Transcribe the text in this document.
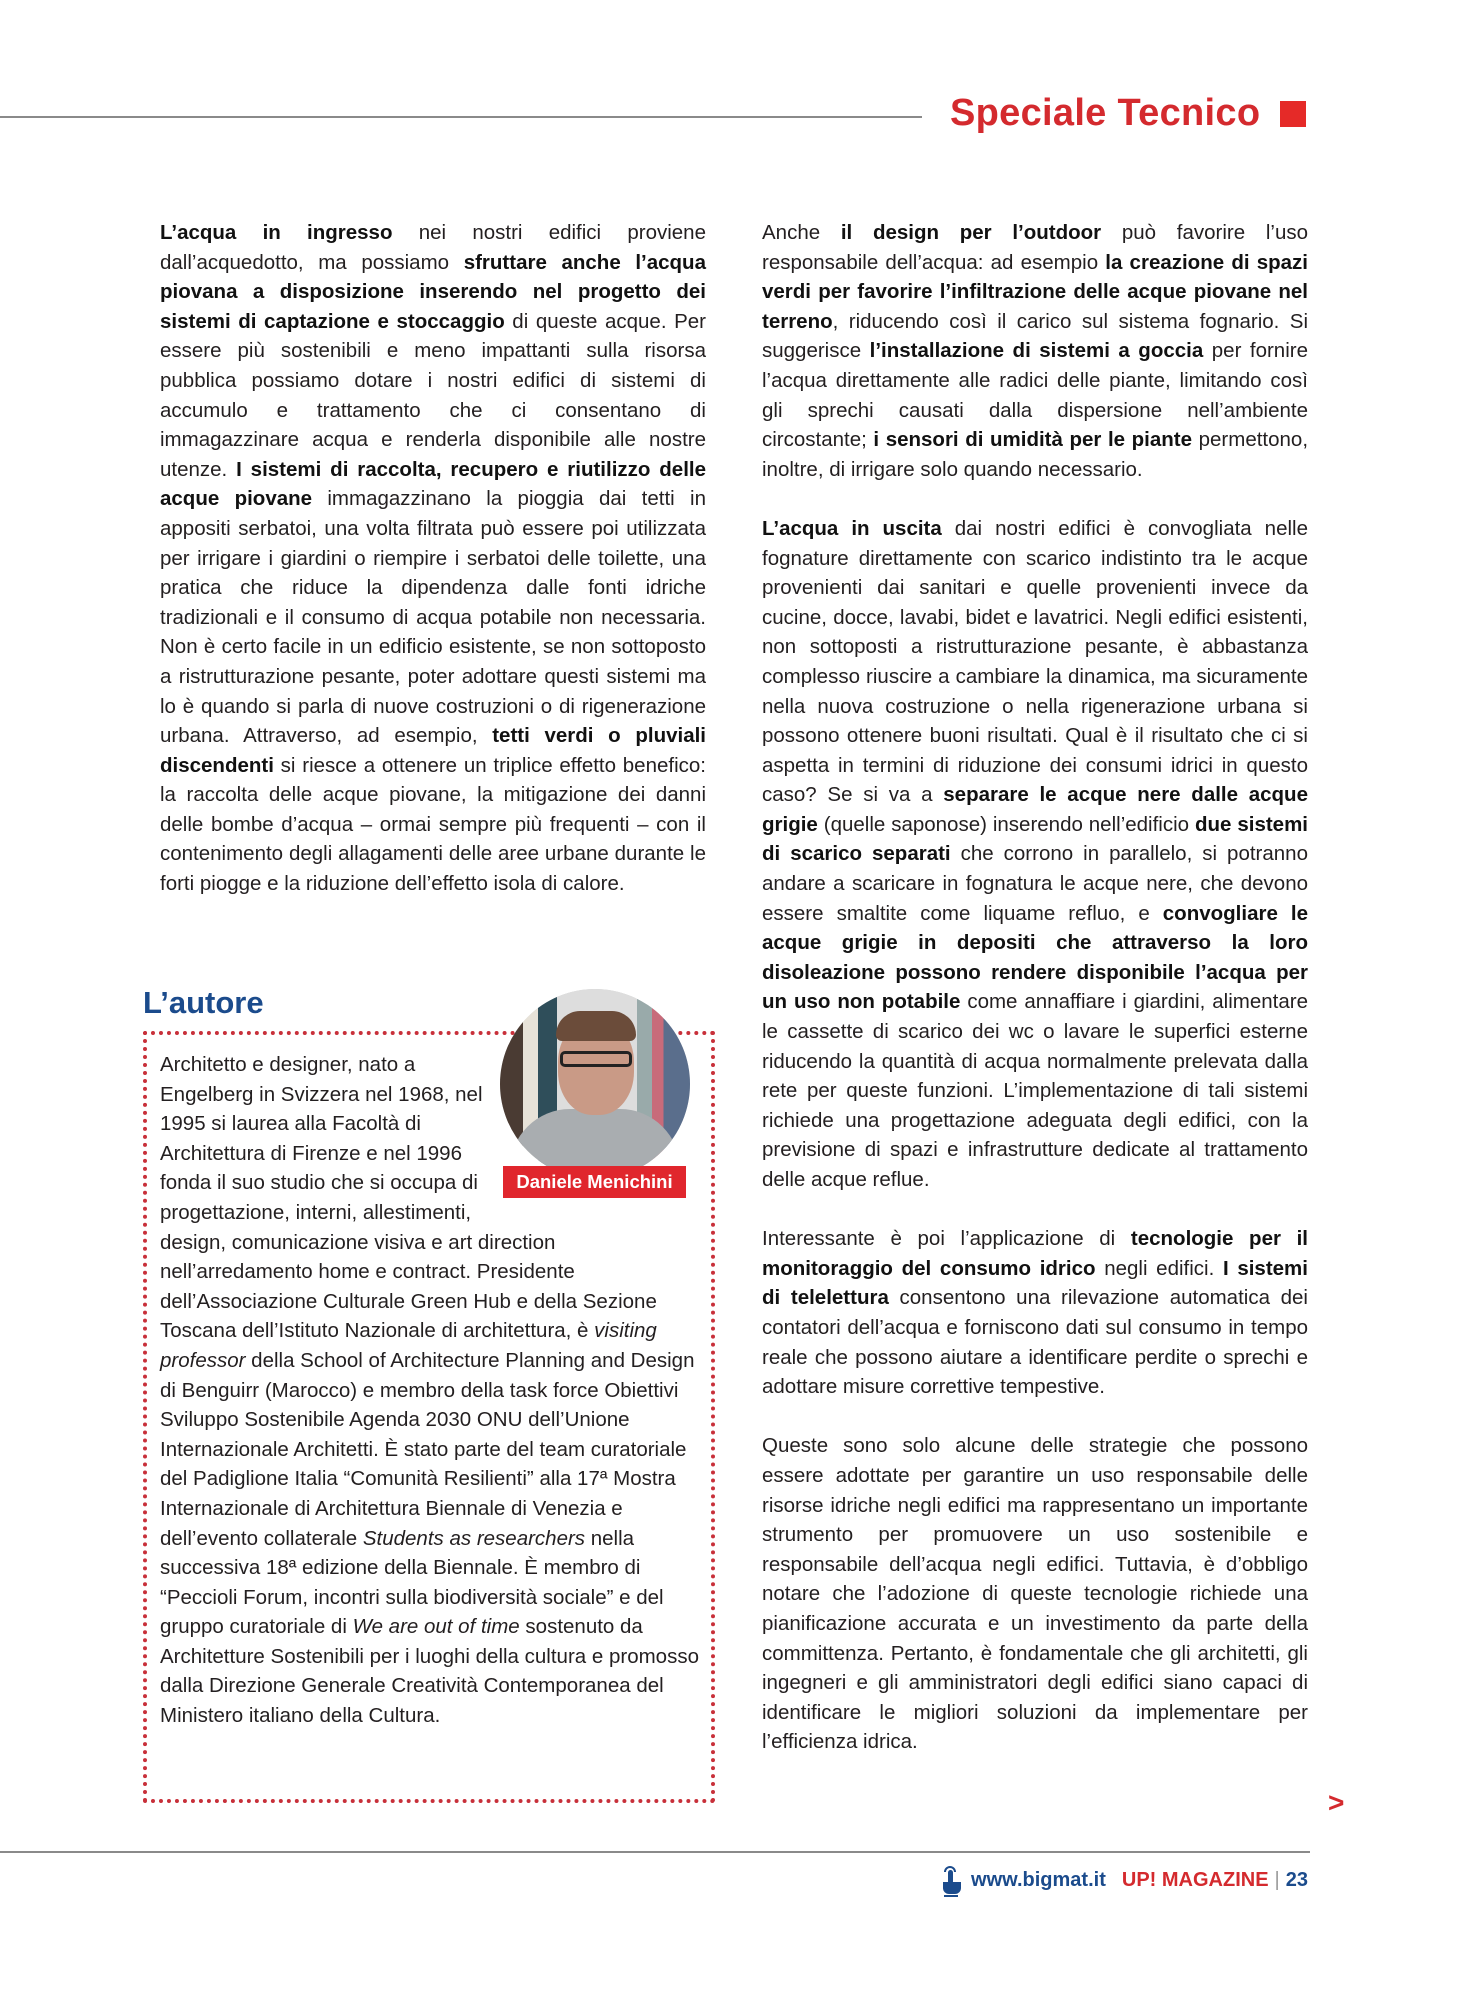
Speciale Tecnico

L’acqua in ingresso nei nostri edifici proviene dall’acquedotto, ma possiamo sfruttare anche l’acqua piovana a disposizione inserendo nel progetto dei sistemi di captazione e stoccaggio di queste acque. Per essere più sostenibili e meno impattanti sulla risorsa pubblica possiamo dotare i nostri edifici di sistemi di accumulo e trattamento che ci consentano di immagazzinare acqua e renderla disponibile alle nostre utenze. I sistemi di raccolta, recupero e riutilizzo delle acque piovane immagazzinano la pioggia dai tetti in appositi serbatoi, una volta filtrata può essere poi utilizzata per irrigare i giardini o riempire i serbatoi delle toilette, una pratica che riduce la dipendenza dalle fonti idriche tradizionali e il consumo di acqua potabile non necessaria. Non è certo facile in un edificio esistente, se non sottoposto a ristrutturazione pesante, poter adottare questi sistemi ma lo è quando si parla di nuove costruzioni o di rigenerazione urbana. Attraverso, ad esempio, tetti verdi o pluviali discendenti si riesce a ottenere un triplice effetto benefico: la raccolta delle acque piovane, la mitigazione dei danni delle bombe d’acqua – ormai sempre più frequenti – con il contenimento degli allagamenti delle aree urbane durante le forti piogge e la riduzione dell’effetto isola di calore.

L’autore
Architetto e designer, nato a Engelberg in Svizzera nel 1968, nel 1995 si laurea alla Facoltà di Architettura di Firenze e nel 1996 fonda il suo studio che si occupa di progettazione, interni, allestimenti, design, comunicazione visiva e art direction nell’arredamento home e contract. Presidente dell’Associazione Culturale Green Hub e della Sezione Toscana dell’Istituto Nazionale di architettura, è visiting professor della School of Architecture Planning and Design di Benguirr (Marocco) e membro della task force Obiettivi Sviluppo Sostenibile Agenda 2030 ONU dell’Unione Internazionale Architetti. È stato parte del team curatoriale del Padiglione Italia “Comunità Resilienti” alla 17ª Mostra Internazionale di Architettura Biennale di Venezia e dell’evento collaterale Students as researchers nella successiva 18ª edizione della Biennale. È membro di “Peccioli Forum, incontri sulla biodiversità sociale” e del gruppo curatoriale di We are out of time sostenuto da Architetture Sostenibili per i luoghi della cultura e promosso dalla Direzione Generale Creatività Contemporanea del Ministero italiano della Cultura.
Daniele Menichini

Anche il design per l’outdoor può favorire l’uso responsabile dell’acqua: ad esempio la creazione di spazi verdi per favorire l’infiltrazione delle acque piovane nel terreno, riducendo così il carico sul sistema fognario. Si suggerisce l’installazione di sistemi a goccia per fornire l’acqua direttamente alle radici delle piante, limitando così gli sprechi causati dalla dispersione nell’ambiente circostante; i sensori di umidità per le piante permettono, inoltre, di irrigare solo quando necessario.

L’acqua in uscita dai nostri edifici è convogliata nelle fognature direttamente con scarico indistinto tra le acque provenienti dai sanitari e quelle provenienti invece da cucine, docce, lavabi, bidet e lavatrici. Negli edifici esistenti, non sottoposti a ristrutturazione pesante, è abbastanza complesso riuscire a cambiare la dinamica, ma sicuramente nella nuova costruzione o nella rigenerazione urbana si possono ottenere buoni risultati. Qual è il risultato che ci si aspetta in termini di riduzione dei consumi idrici in questo caso? Se si va a separare le acque nere dalle acque grigie (quelle saponose) inserendo nell’edificio due sistemi di scarico separati che corrono in parallelo, si potranno andare a scaricare in fognatura le acque nere, che devono essere smaltite come liquame refluo, e convogliare le acque grigie in depositi che attraverso la loro disoleazione possono rendere disponibile l’acqua per un uso non potabile come annaffiare i giardini, alimentare le cassette di scarico dei wc o lavare le superfici esterne riducendo la quantità di acqua normalmente prelevata dalla rete per queste funzioni. L’implementazione di tali sistemi richiede una progettazione adeguata degli edifici, con la previsione di spazi e infrastrutture dedicate al trattamento delle acque reflue.

Interessante è poi l’applicazione di tecnologie per il monitoraggio del consumo idrico negli edifici. I sistemi di telelettura consentono una rilevazione automatica dei contatori dell’acqua e forniscono dati sul consumo in tempo reale che possono aiutare a identificare perdite o sprechi e adottare misure correttive tempestive.

Queste sono solo alcune delle strategie che possono essere adottate per garantire un uso responsabile delle risorse idriche negli edifici ma rappresentano un importante strumento per promuovere un uso sostenibile e responsabile dell’acqua negli edifici. Tuttavia, è d’obbligo notare che l’adozione di queste tecnologie richiede una pianificazione accurata e un investimento da parte della committenza. Pertanto, è fondamentale che gli architetti, gli ingegneri e gli amministratori degli edifici siano capaci di identificare le migliori soluzioni da implementare per l’efficienza idrica.

>
www.bigmat.it UP! MAGAZINE | 23
